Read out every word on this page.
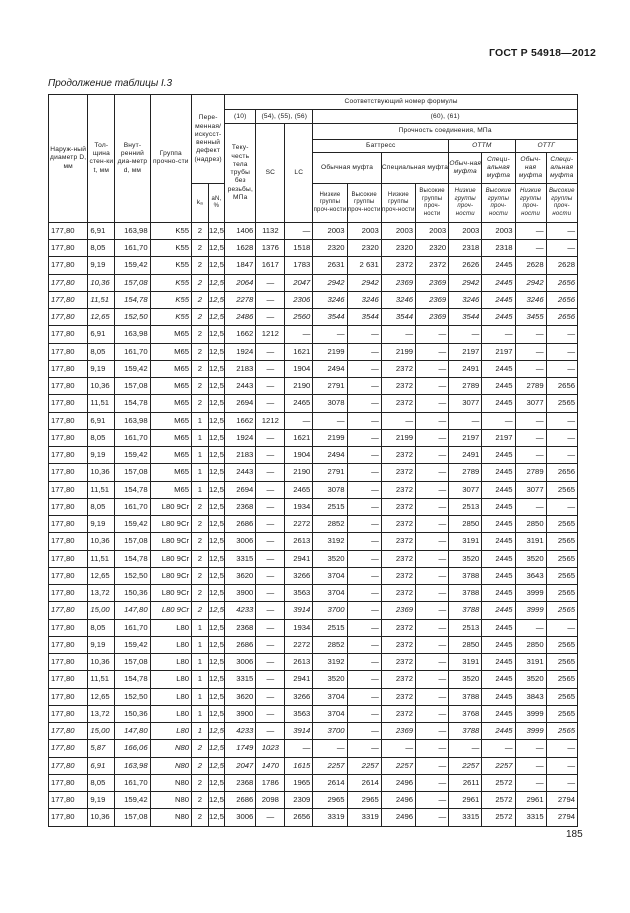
ГОСТ Р 54918—2012
Продолжение таблицы I.3
Наруж-ный диаметр D, мм	Тол-щина стен-ки t, мм	Внут-ренний диа-метр d, мм	Группа прочно-сти	Пере-менная/ искусст-венный дефект (надрез)		Соответствующий номер формулы										
						(10)	(54), (55), (56)		(60), (61)							
						Теку-честь тела трубы без резьбы, МПа	SC	LC	Прочность соединения, МПа							
									Баттресс				ОТТМ		ОТТГ	
									Обычная муфта		Специальная муфта		Обыч-ная муфта	Специ-альная муфта	Обыч-ная муфта	Специ-альная муфта
				kₐ	aN, %				Низкие группы проч-ности	Высокие группы проч-ности	Низкие группы проч-ности	Высокие группы проч-ности	Низкие группы проч-ности	Высокие группы проч-ности	Низкие группы проч-ности	Высокие группы проч-ности
177,80	6,91	163,98	K55	2	12,5	1406	1132	—	2003	2003	2003	2003	2003	2003	—	—
177,80	8,05	161,70	K55	2	12,5	1628	1376	1518	2320	2320	2320	2320	2318	2318	—	—
177,80	9,19	159,42	K55	2	12,5	1847	1617	1783	2631	2 631	2372	2372	2626	2445	2628	2628
177,80	10,36	157,08	K55	2	12,5	2064	—	2047	2942	2942	2369	2369	2942	2445	2942	2656
177,80	11,51	154,78	K55	2	12,5	2278	—	2306	3246	3246	3246	2369	3246	2445	3246	2656
177,80	12,65	152,50	K55	2	12,5	2486	—	2560	3544	3544	3544	2369	3544	2445	3455	2656
177,80	6,91	163,98	M65	2	12,5	1662	1212	—	—	—	—	—	—	—	—	—
177,80	8,05	161,70	M65	2	12,5	1924	—	1621	2199	—	2199	—	2197	2197	—	—
177,80	9,19	159,42	M65	2	12,5	2183	—	1904	2494	—	2372	—	2491	2445	—	—
177,80	10,36	157,08	M65	2	12,5	2443	—	2190	2791	—	2372	—	2789	2445	2789	2656
177,80	11,51	154,78	M65	2	12,5	2694	—	2465	3078	—	2372	—	3077	2445	3077	2565
177,80	6,91	163,98	M65	1	12,5	1662	1212	—	—	—	—	—	—	—	—	—
177,80	8,05	161,70	M65	1	12,5	1924	—	1621	2199	—	2199	—	2197	2197	—	—
177,80	9,19	159,42	M65	1	12,5	2183	—	1904	2494	—	2372	—	2491	2445	—	—
177,80	10,36	157,08	M65	1	12,5	2443	—	2190	2791	—	2372	—	2789	2445	2789	2656
177,80	11,51	154,78	M65	1	12,5	2694	—	2465	3078	—	2372	—	3077	2445	3077	2565
177,80	8,05	161,70	L80 9Cr	2	12,5	2368	—	1934	2515	—	2372	—	2513	2445	—	—
177,80	9,19	159,42	L80 9Cr	2	12,5	2686	—	2272	2852	—	2372	—	2850	2445	2850	2565
177,80	10,36	157,08	L80 9Cr	2	12,5	3006	—	2613	3192	—	2372	—	3191	2445	3191	2565
177,80	11,51	154,78	L80 9Cr	2	12,5	3315	—	2941	3520	—	2372	—	3520	2445	3520	2565
177,80	12,65	152,50	L80 9Cr	2	12,5	3620	—	3266	3704	—	2372	—	3788	2445	3643	2565
177,80	13,72	150,36	L80 9Cr	2	12,5	3900	—	3563	3704	—	2372	—	3788	2445	3999	2565
177,80	15,00	147,80	L80 9Cr	2	12,5	4233	—	3914	3700	—	2369	—	3788	2445	3999	2565
177,80	8,05	161,70	L80	1	12,5	2368	—	1934	2515	—	2372	—	2513	2445	—	—
177,80	9,19	159,42	L80	1	12,5	2686	—	2272	2852	—	2372	—	2850	2445	2850	2565
177,80	10,36	157,08	L80	1	12,5	3006	—	2613	3192	—	2372	—	3191	2445	3191	2565
177,80	11,51	154,78	L80	1	12,5	3315	—	2941	3520	—	2372	—	3520	2445	3520	2565
177,80	12,65	152,50	L80	1	12,5	3620	—	3266	3704	—	2372	—	3788	2445	3843	2565
177,80	13,72	150,36	L80	1	12,5	3900	—	3563	3704	—	2372	—	3768	2445	3999	2565
177,80	15,00	147,80	L80	1	12,5	4233	—	3914	3700	—	2369	—	3788	2445	3999	2565
177,80	5,87	166,06	N80	2	12,5	1749	1023	—	—	—	—	—	—	—	—	—
177,80	6,91	163,98	N80	2	12,5	2047	1470	1615	2257	2257	2257	—	2257	2257	—	—
177,80	8,05	161,70	N80	2	12,5	2368	1786	1965	2614	2614	2496	—	2611	2572	—	—
177,80	9,19	159,42	N80	2	12,5	2686	2098	2309	2965	2965	2496	—	2961	2572	2961	2794
177,80	10,36	157,08	N80	2	12,5	3006	—	2656	3319	3319	2496	—	3315	2572	3315	2794
185
